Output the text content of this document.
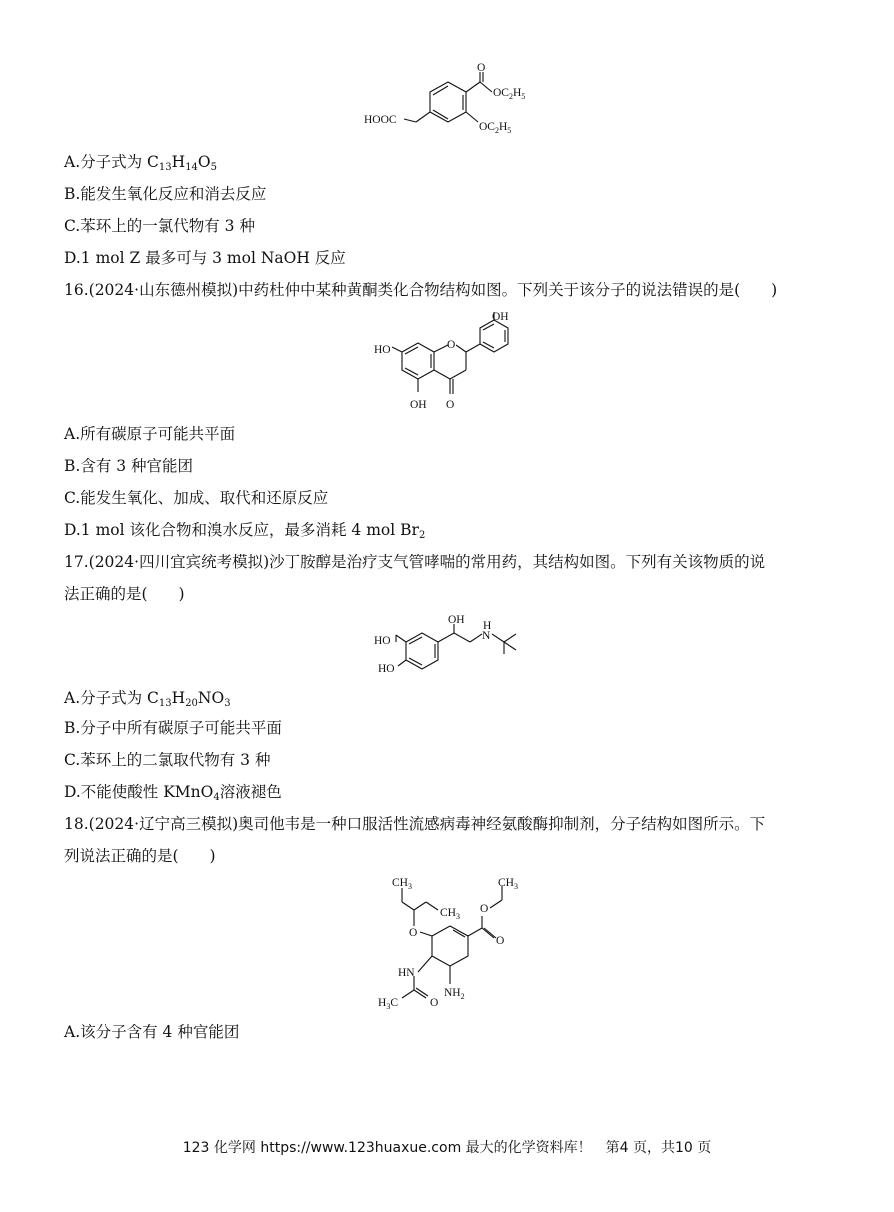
HOOC
O
$OC_2H_5$
$OC_2H_5$
A.分子式为 $C_{13}H_{14}O_5$
B.能发生氧化反应和消去反应
C.苯环上的一氯代物有 3 种
D.1 mol Z 最多可与 3 mol NaOH 反应
16.(2024·山东德州模拟)中药杜仲中某种黄酮类化合物结构如图。下列关于该分子的说法错误的是(　　)
OH
HO	O
OH O
A.所有碳原子可能共平面
B.含有 3 种官能团
C.能发生氧化、加成、取代和还原反应
D.1 mol 该化合物和溴水反应，最多消耗 4 mol $Br_2$
17.(2024·四川宜宾统考模拟)沙丁胺醇是治疗支气管哮喘的常用药，其结构如图。下列有关该物质的说
法正确的是(　　)
HO
HO
OH H
N
A.分子式为 $C_{13}H_{20}NO_3$
B.分子中所有碳原子可能共平面
C.苯环上的二氯取代物有 3 种
D.不能使酸性 KMnO$_4$溶液褪色
18.(2024·辽宁高三模拟)奥司他韦是一种口服活性流感病毒神经氨酸酶抑制剂，分子结构如图所示。下
列说法正确的是(　　)
$CH_3$
$CH_3$
$CH_3$
O
O
O
HN
$NH_2$
$H_3C$	O
A.该分子含有 4 种官能团
123 化学网 https://www.123huaxue.com 最大的化学资料库！　第4 页，共10 页
